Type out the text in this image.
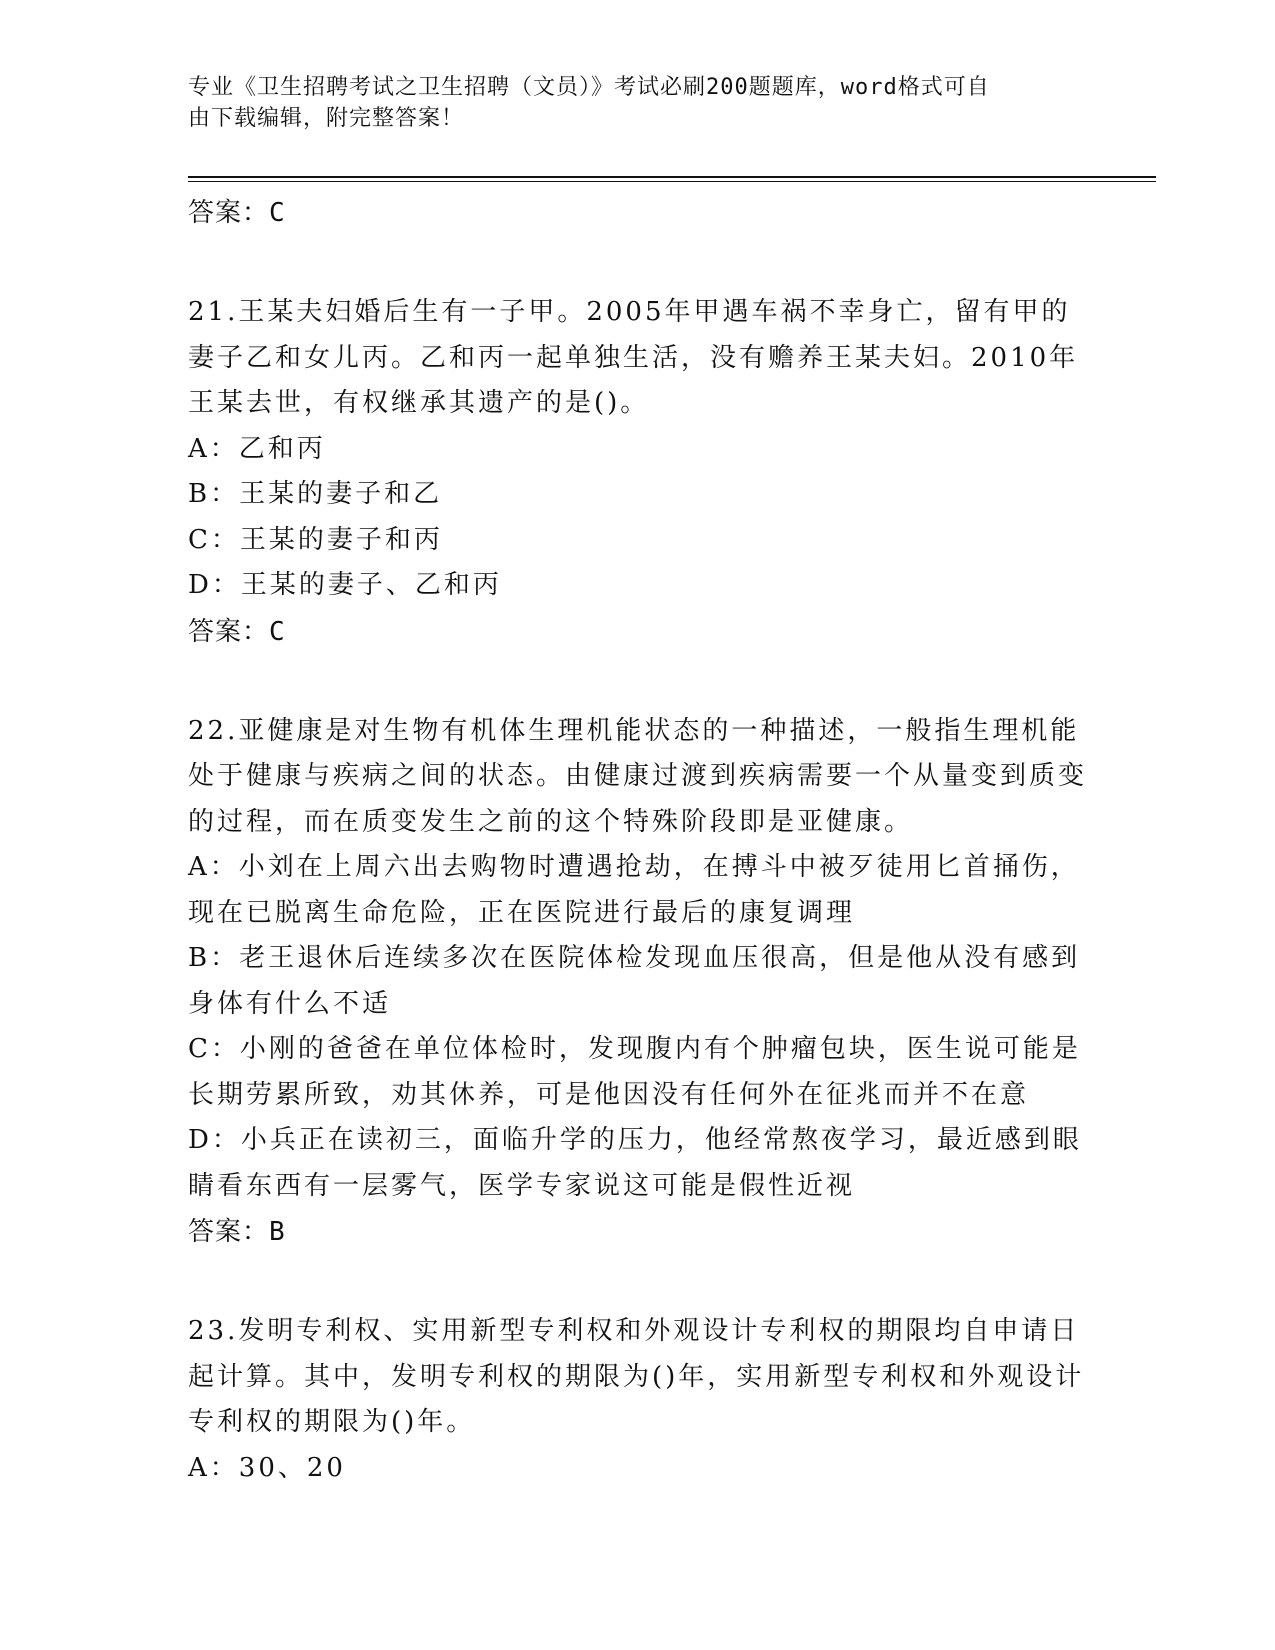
专业《卫生招聘考试之卫生招聘（文员）》考试必刷200题题库，word格式可自
由下载编辑，附完整答案！
答案：C

21.王某夫妇婚后生有一子甲。2005年甲遇车祸不幸身亡，留有甲的妻子乙和女儿丙。乙和丙一起单独生活，没有赡养王某夫妇。2010年王某去世，有权继承其遗产的是()。

A：乙和丙

B：王某的妻子和乙

C：王某的妻子和丙

D：王某的妻子、乙和丙

答案：C

22.亚健康是对生物有机体生理机能状态的一种描述，一般指生理机能处于健康与疾病之间的状态。由健康过渡到疾病需要一个从量变到质变的过程，而在质变发生之前的这个特殊阶段即是亚健康。

A：小刘在上周六出去购物时遭遇抢劫，在搏斗中被歹徒用匕首捅伤，现在已脱离生命危险，正在医院进行最后的康复调理

B：老王退休后连续多次在医院体检发现血压很高，但是他从没有感到身体有什么不适

C：小刚的爸爸在单位体检时，发现腹内有个肿瘤包块，医生说可能是长期劳累所致，劝其休养，可是他因没有任何外在征兆而并不在意

D：小兵正在读初三，面临升学的压力，他经常熬夜学习，最近感到眼睛看东西有一层雾气，医学专家说这可能是假性近视

答案：B

23.发明专利权、实用新型专利权和外观设计专利权的期限均自申请日起计算。其中，发明专利权的期限为()年，实用新型专利权和外观设计专利权的期限为()年。

A：30、20
